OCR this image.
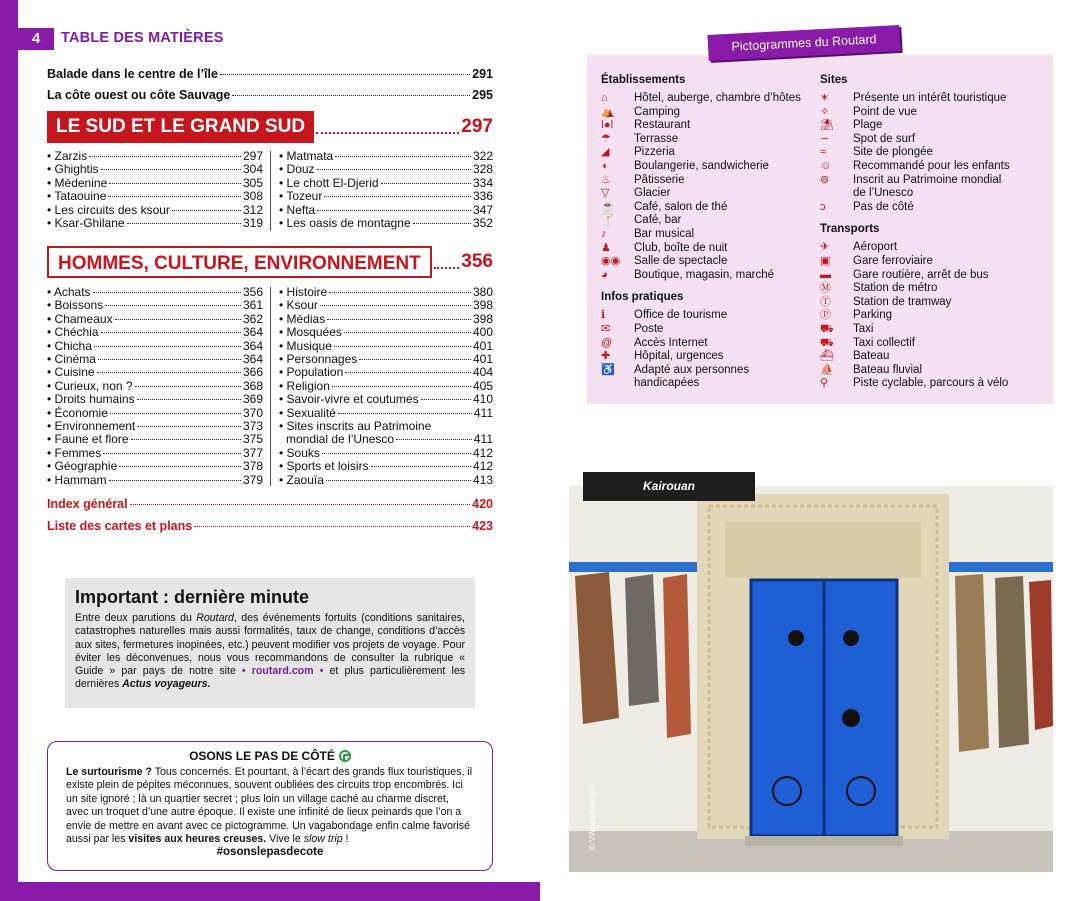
4	TABLE DES MATIÈRES
Balade dans le centre de l’île	291
La côte ouest ou côte Sauvage	295
LE SUD ET LE GRAND SUD	297
• Zarzis	297
• Ghightis	304
• Médenine	305
• Tataouine	308
• Les circuits des ksour	312
• Ksar-Ghilane	319
• Matmata	322
• Douz	328
• Le chott El-Djerid	334
• Tozeur	336
• Nefta	347
• Les oasis de montagne	352
HOMMES, CULTURE, ENVIRONNEMENT	356
• Achats	356
• Boissons	361
• Chameaux	362
• Chéchia	364
• Chicha	364
• Cinéma	364
• Cuisine	366
• Curieux, non ?	368
• Droits humains	369
• Économie	370
• Environnement	373
• Faune et flore	375
• Femmes	377
• Géographie	378
• Hammam	379
• Histoire	380
• Ksour	398
• Médias	398
• Mosquées	400
• Musique	401
• Personnages	401
• Population	404
• Religion	405
• Savoir-vivre et coutumes	410
• Sexualité	411
• Sites inscrits au Patrimoine
mondial de l’Unesco	411
• Souks	412
• Sports et loisirs	412
• Zaouïa	413
Index général	420
Liste des cartes et plans	423
Important : dernière minute
Entre deux parutions du Routard, des événements fortuits (conditions sanitaires, catastrophes naturelles mais aussi formalités, taux de change, conditions d’accès aux sites, fermetures inopinées, etc.) peuvent modifier vos projets de voyage. Pour éviter les déconvenues, nous vous recommandons de consulter la rubrique « Guide » par pays de notre site • routard.com • et plus particulièrement les dernières Actus voyageurs.
OSONS LE PAS DE CÔTÉ
Le surtourisme ? Tous concernés. Et pourtant, à l’écart des grands flux touristiques, il existe plein de pépites méconnues, souvent oubliées des circuits trop encombrés. Ici un site ignoré ; là un quartier secret ; plus loin un village caché au charme discret, avec un troquet d’une autre époque. Il existe une infinité de lieux peinards que l’on a envie de mettre en avant avec ce pictogramme. Un vagabondage enfin calme favorisé aussi par les visites aux heures creuses. Vive le slow trip !
#osonslepasdecote
Établissements
⌂	Hôtel, auberge, chambre d’hôtes
⛺	Camping
ǀ●ǀ	Restaurant
☂	Terrasse
◢	Pizzeria
◖	Boulangerie, sandwicherie
♨	Pâtisserie
▽	Glacier
☕	Café, salon de thé
🍸	Café, bar
♪	Bar musical
♟	Club, boîte de nuit
◉◉	Salle de spectacle
◕	Boutique, magasin, marché
Infos pratiques
ℹ	Office de tourisme
✉	Poste
@	Accès Internet
✚	Hôpital, urgences
♿	Adapté aux personnes
handicapées
Sites
✶	Présente un intérêt touristique
✧	Point de vue
⛱	Plage
∽	Spot de surf
≈	Site de plongée
☺	Recommandé pour les enfants
⊚	Inscrit au Patrimoine mondial
de l’Unesco
ↄ	Pas de côté
Transports
✈	Aéroport
▣	Gare ferroviaire
▬	Gare routière, arrêt de bus
Ⓜ	Station de métro
Ⓣ	Station de tramway
Ⓟ	Parking
⛟	Taxi
⛟	Taxi collectif
⛴	Bateau
⛵	Bateau fluvial
⚲	Piste cyclable, parcours à vélo
Pictogrammes du Routard
Kairouan
© VWpics/hemis.fr
